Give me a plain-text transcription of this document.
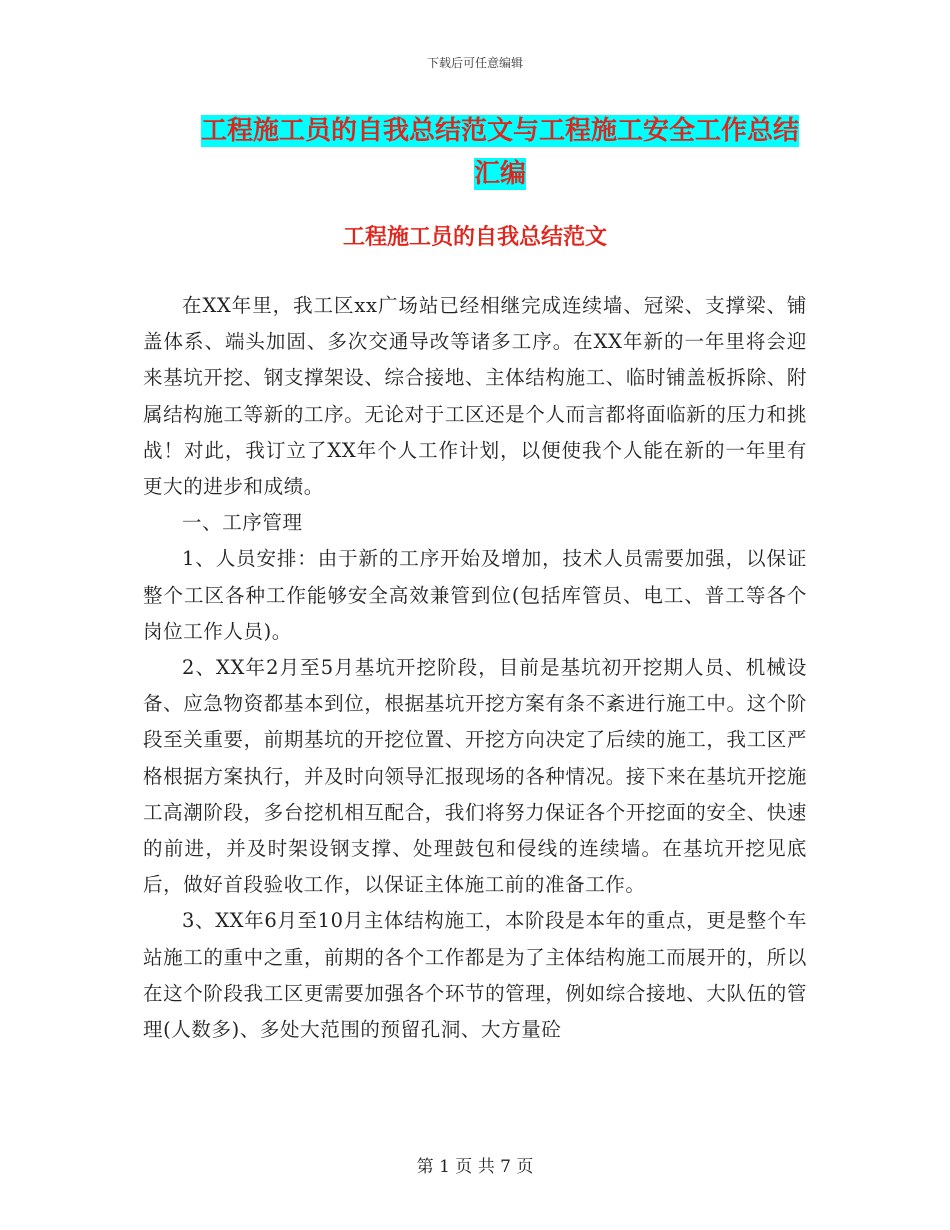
下载后可任意编辑
工程施工员的自我总结范文与工程施工安全工作总结
汇编
工程施工员的自我总结范文

在XX年里，我工区xx广场站已经相继完成连续墙、冠梁、支撑梁、铺盖体系、端头加固、多次交通导改等诸多工序。在XX年新的一年里将会迎来基坑开挖、钢支撑架设、综合接地、主体结构施工、临时铺盖板拆除、附属结构施工等新的工序。无论对于工区还是个人而言都将面临新的压力和挑战！对此，我订立了XX年个人工作计划，以便使我个人能在新的一年里有更大的进步和成绩。

一、工序管理

1、人员安排：由于新的工序开始及增加，技术人员需要加强，以保证整个工区各种工作能够安全高效兼管到位(包括库管员、电工、普工等各个岗位工作人员)。

2、XX年2月至5月基坑开挖阶段，目前是基坑初开挖期人员、机械设备、应急物资都基本到位，根据基坑开挖方案有条不紊进行施工中。这个阶段至关重要，前期基坑的开挖位置、开挖方向决定了后续的施工，我工区严格根据方案执行，并及时向领导汇报现场的各种情况。接下来在基坑开挖施工高潮阶段，多台挖机相互配合，我们将努力保证各个开挖面的安全、快速的前进，并及时架设钢支撑、处理鼓包和侵线的连续墙。在基坑开挖见底后，做好首段验收工作，以保证主体施工前的准备工作。

3、XX年6月至10月主体结构施工，本阶段是本年的重点，更是整个车站施工的重中之重，前期的各个工作都是为了主体结构施工而展开的，所以在这个阶段我工区更需要加强各个环节的管理，例如综合接地、大队伍的管理(人数多)、多处大范围的预留孔洞、大方量砼

第 1 页 共 7 页
